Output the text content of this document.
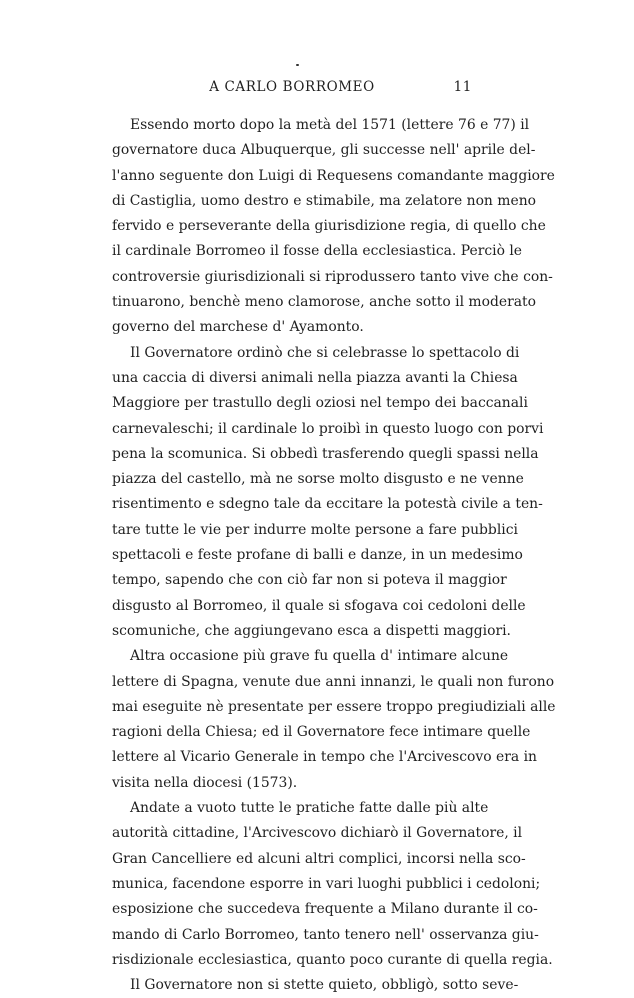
A CARLO BORROMEO	11
Essendo morto dopo la metà del 1571 (lettere 76 e 77) il
governatore duca Albuquerque, gli successe nell' aprile del-
l'anno seguente don Luigi di Requesens comandante maggiore
di Castiglia, uomo destro e stimabile, ma zelatore non meno
fervido e perseverante della giurisdizione regia, di quello che
il cardinale Borromeo il fosse della ecclesiastica. Perciò le
controversie giurisdizionali si riprodussero tanto vive che con-
tinuarono, benchè meno clamorose, anche sotto il moderato
governo del marchese d' Ayamonto.
Il Governatore ordinò che si celebrasse lo spettacolo di
una caccia di diversi animali nella piazza avanti la Chiesa
Maggiore per trastullo degli oziosi nel tempo dei baccanali
carnevaleschi; il cardinale lo proibì in questo luogo con porvi
pena la scomunica. Si obbedì trasferendo quegli spassi nella
piazza del castello, mà ne sorse molto disgusto e ne venne
risentimento e sdegno tale da eccitare la potestà civile a ten-
tare tutte le vie per indurre molte persone a fare pubblici
spettacoli e feste profane di balli e danze, in un medesimo
tempo, sapendo che con ciò far non si poteva il maggior
disgusto al Borromeo, il quale si sfogava coi cedoloni delle
scomuniche, che aggiungevano esca a dispetti maggiori.
Altra occasione più grave fu quella d' intimare alcune
lettere di Spagna, venute due anni innanzi, le quali non furono
mai eseguite nè presentate per essere troppo pregiudiziali alle
ragioni della Chiesa; ed il Governatore fece intimare quelle
lettere al Vicario Generale in tempo che l'Arcivescovo era in
visita nella diocesi (1573).
Andate a vuoto tutte le pratiche fatte dalle più alte
autorità cittadine, l'Arcivescovo dichiarò il Governatore, il
Gran Cancelliere ed alcuni altri complici, incorsi nella sco-
munica, facendone esporre in vari luoghi pubblici i cedoloni;
esposizione che succedeva frequente a Milano durante il co-
mando di Carlo Borromeo, tanto tenero nell' osservanza giu-
risdizionale ecclesiastica, quanto poco curante di quella regia.
Il Governatore non si stette quieto, obbligò, sotto seve-
